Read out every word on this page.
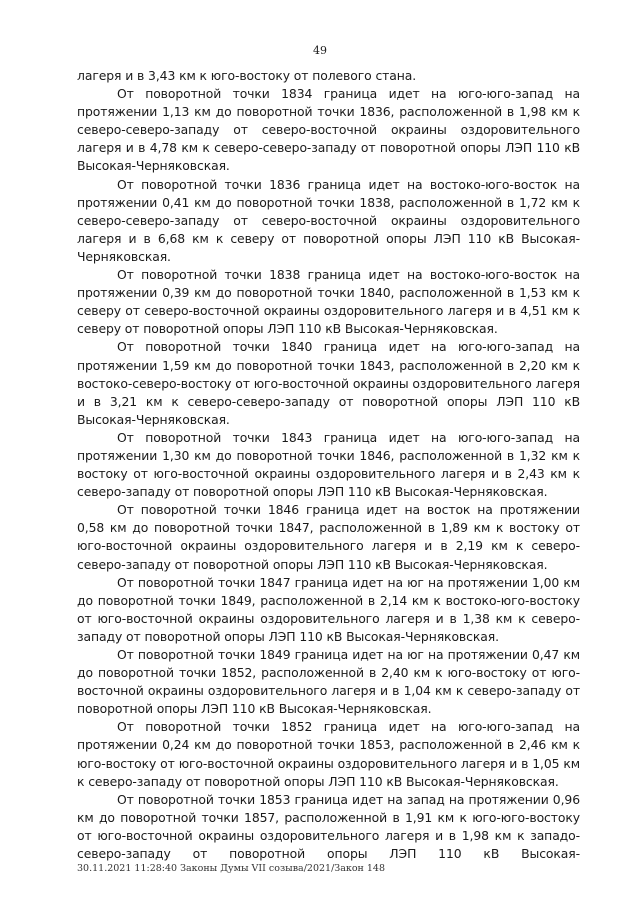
49

лагеря и в 3,43 км к юго-востоку от полевого стана.

От поворотной точки 1834 граница идет на юго-юго-запад на протяжении 1,13 км до поворотной точки 1836, расположенной в 1,98 км к северо-северо-западу от северо-восточной окраины оздоровительного лагеря и в 4,78 км к северо-северо-западу от поворотной опоры ЛЭП 110 кВ Высокая-Черняковская.

От поворотной точки 1836 граница идет на востоко-юго-восток на протяжении 0,41 км до поворотной точки 1838, расположенной в 1,72 км к северо-северо-западу от северо-восточной окраины оздоровительного лагеря и в 6,68 км к северу от поворотной опоры ЛЭП 110 кВ Высокая-Черняковская.

От поворотной точки 1838 граница идет на востоко-юго-восток на протяжении 0,39 км до поворотной точки 1840, расположенной в 1,53 км к северу от северо-восточной окраины оздоровительного лагеря и в 4,51 км к северу от поворотной опоры ЛЭП 110 кВ Высокая-Черняковская.

От поворотной точки 1840 граница идет на юго-юго-запад на протяжении 1,59 км до поворотной точки 1843, расположенной в 2,20 км к востоко-северо-востоку от юго-восточной окраины оздоровительного лагеря и в 3,21 км к северо-северо-западу от поворотной опоры ЛЭП 110 кВ Высокая-Черняковская.

От поворотной точки 1843 граница идет на юго-юго-запад на протяжении 1,30 км до поворотной точки 1846, расположенной в 1,32 км к востоку от юго-восточной окраины оздоровительного лагеря и в 2,43 км к северо-западу от поворотной опоры ЛЭП 110 кВ Высокая-Черняковская.

От поворотной точки 1846 граница идет на восток на протяжении 0,58 км до поворотной точки 1847, расположенной в 1,89 км к востоку от юго-восточной окраины оздоровительного лагеря и в 2,19 км к северо-северо-западу от поворотной опоры ЛЭП 110 кВ Высокая-Черняковская.

От поворотной точки 1847 граница идет на юг на протяжении 1,00 км до поворотной точки 1849, расположенной в 2,14 км к востоко-юго-востоку от юго-восточной окраины оздоровительного лагеря и в 1,38 км к северо-западу от поворотной опоры ЛЭП 110 кВ Высокая-Черняковская.

От поворотной точки 1849 граница идет на юг на протяжении 0,47 км до поворотной точки 1852, расположенной в 2,40 км к юго-востоку от юго-восточной окраины оздоровительного лагеря и в 1,04 км к северо-западу от поворотной опоры ЛЭП 110 кВ Высокая-Черняковская.

От поворотной точки 1852 граница идет на юго-юго-запад на протяжении 0,24 км до поворотной точки 1853, расположенной в 2,46 км к юго-востоку от юго-восточной окраины оздоровительного лагеря и в 1,05 км к северо-западу от поворотной опоры ЛЭП 110 кВ Высокая-Черняковская.

От поворотной точки 1853 граница идет на запад на протяжении 0,96 км до поворотной точки 1857, расположенной в 1,91 км к юго-юго-востоку от юго-восточной окраины оздоровительного лагеря и в 1,98 км к западо-северо-западу от поворотной опоры ЛЭП 110 кВ Высокая-

30.11.2021 11:28:40 Законы Думы VII созыва/2021/Закон 148
